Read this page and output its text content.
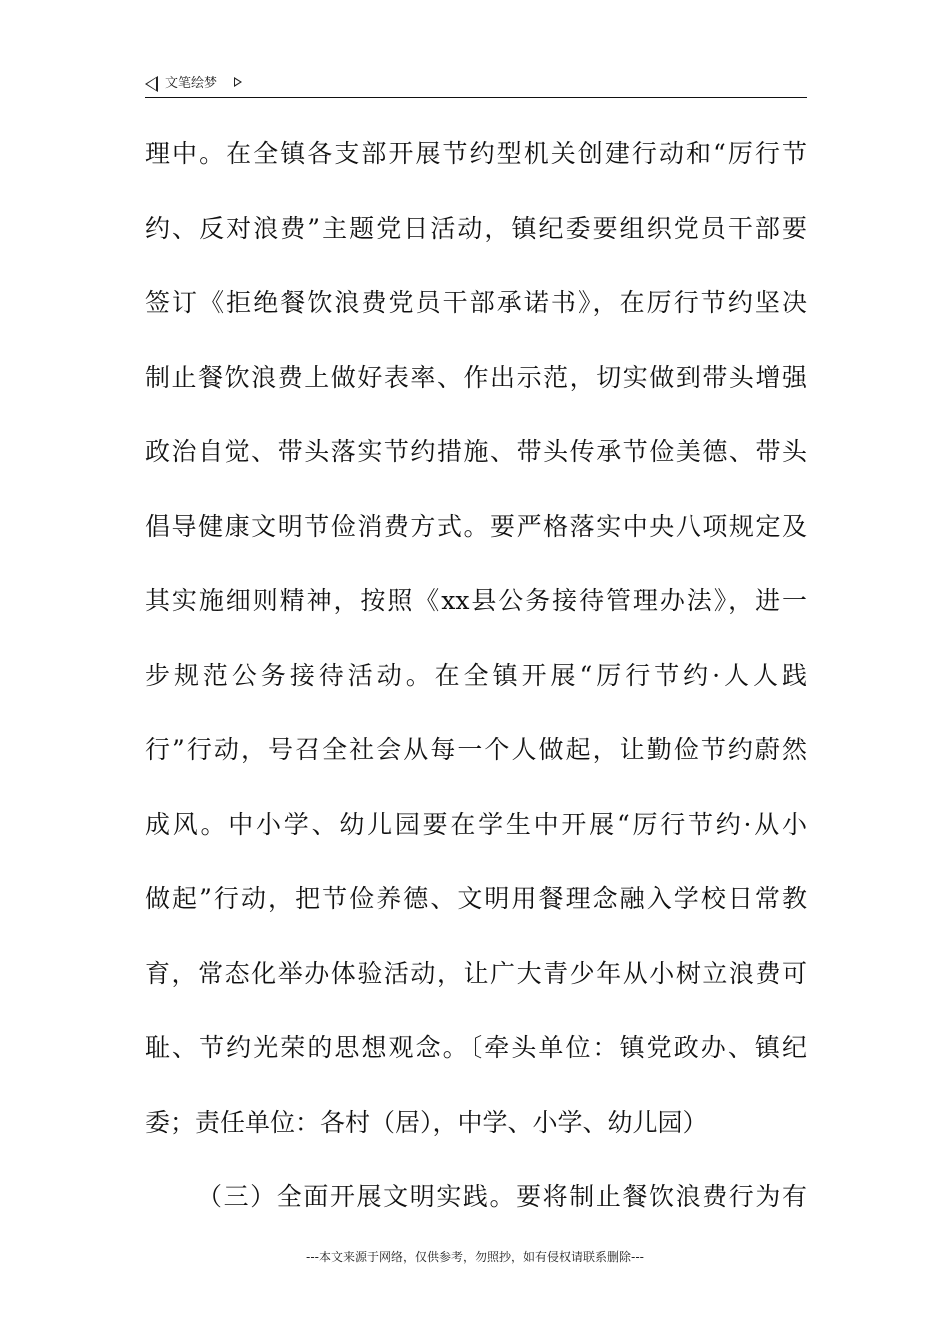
文笔绘梦
理中。在全镇各支部开展节约型机关创建行动和“厉行节
约、反对浪费”主题党日活动，镇纪委要组织党员干部要
签订《拒绝餐饮浪费党员干部承诺书》，在厉行节约坚决
制止餐饮浪费上做好表率、作出示范，切实做到带头增强
政治自觉、带头落实节约措施、带头传承节俭美德、带头
倡导健康文明节俭消费方式。要严格落实中央八项规定及
其实施细则精神，按照《xx县公务接待管理办法》，进一
步规范公务接待活动。在全镇开展“厉行节约·人人践
行”行动，号召全社会从每一个人做起，让勤俭节约蔚然
成风。中小学、幼儿园要在学生中开展“厉行节约·从小
做起”行动，把节俭养德、文明用餐理念融入学校日常教
育，常态化举办体验活动，让广大青少年从小树立浪费可
耻、节约光荣的思想观念。〔牵头单位：镇党政办、镇纪
委；责任单位：各村（居），中学、小学、幼儿园）
（三）全面开展文明实践。要将制止餐饮浪费行为有
---本文来源于网络，仅供参考，勿照抄，如有侵权请联系删除---
